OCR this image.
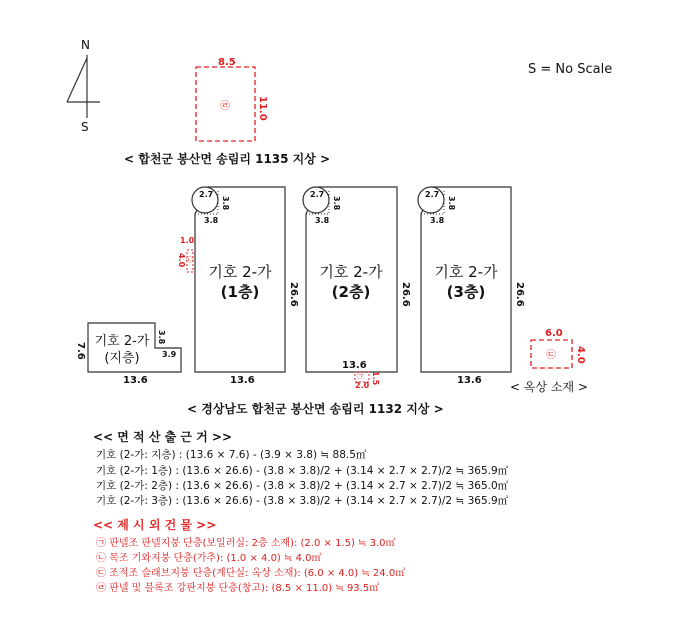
N
S
S = No Scale
8.5
11.0
㉣
< 합천군 봉산면 송림리 1135 지상 >
2.7
3.8
3.8
기호 2-가
(1층)	26.6
13.6
1.0
4.0 ㉡
2.7
3.8
3.8
기호 2-가
(2층)	26.6
13.6
㉠ 1.5
2.0
2.7
3.8
3.8
기호 2-가
(3층)	26.6
13.6
6.0
4.0
㉢
< 옥상 소재 >
기호 2-가
(지층)
7.6
3.8
3.9
13.6
< 경상남도 합천군 봉산면 송림리 1132 지상 >
<< 면 적 산 출 근 거 >>
기호 (2-가: 지층) : (13.6 × 7.6) - (3.9 × 3.8) ≒ 88.5㎡
기호 (2-가: 1층) : (13.6 × 26.6) - (3.8 × 3.8)/2 + (3.14 × 2.7 × 2.7)/2 ≒ 365.9㎡
기호 (2-가: 2층) : (13.6 × 26.6) - (3.8 × 3.8)/2 + (3.14 × 2.7 × 2.7)/2 ≒ 365.0㎡
기호 (2-가: 3층) : (13.6 × 26.6) - (3.8 × 3.8)/2 + (3.14 × 2.7 × 2.7)/2 ≒ 365.9㎡
<< 제 시 외 건 물 >>
㉠ 판넬조 판넬지붕 단층(보일러실: 2층 소재): (2.0 × 1.5) ≒ 3.0㎡
㉡ 목조 기와지붕 단층(가추): (1.0 × 4.0) ≒ 4.0㎡
㉢ 조적조 슬래브지붕 단층(계단실: 옥상 소재): (6.0 × 4.0) ≒ 24.0㎡
㉣ 판넬 및 블록조 강판지붕 단층(창고): (8.5 × 11.0) ≒ 93.5㎡
